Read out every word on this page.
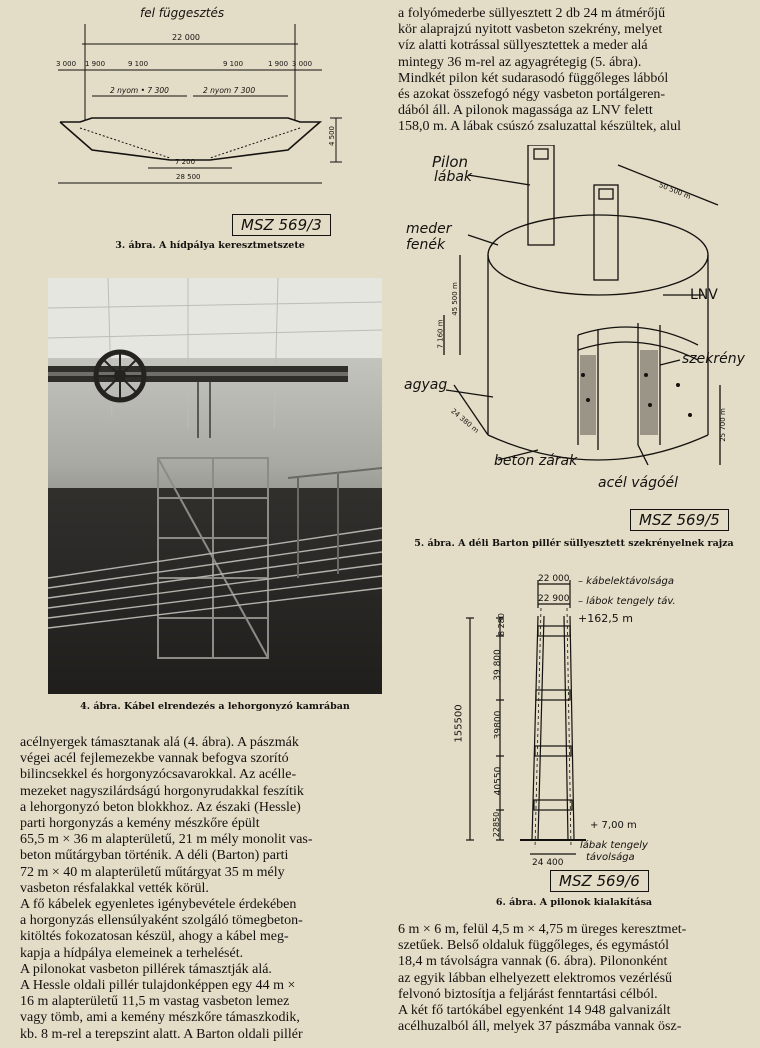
fel függesztés
22 000
3 000 1 900	9 100	9 100	1 900 3 000
2 nyom • 7 300	2 nyom 7 300
4 500
7 200
28 500
MSZ 569/3
3. ábra. A hídpálya keresztmetszete
4. ábra. Kábel elrendezés a lehorgonyzó kamrában
acélnyergek támasztanak alá (4. ábra). A pászmák
végei acél fejlemezekbe vannak befogva szorító
bilincsekkel és horgonyzócsavarokkal. Az acélle-
mezeket nagyszilárdságú horgonyrudakkal feszítik
a lehorgonyzó beton blokkhoz. Az északi (Hessle)
parti horgonyzás a kemény mészkőre épült
65,5 m × 36 m alapterületű, 21 m mély monolit vas-
beton műtárgyban történik. A déli (Barton) parti
72 m × 40 m alapterületű műtárgyat 35 m mély
vasbeton résfalakkal vették körül.
A fő kábelek egyenletes igénybevétele érdekében
a horgonyzás ellensúlyaként szolgáló tömegbeton-
kitöltés fokozatosan készül, ahogy a kábel meg-
kapja a hídpálya elemeinek a terhelését.
A pilonokat vasbeton pillérek támasztják alá.
A Hessle oldali pillér tulajdonképpen egy 44 m ×
16 m alapterületű 11,5 m vastag vasbeton lemez
vagy tömb, ami a kemény mészkőre támaszkodik,
kb. 8 m-rel a terepszint alatt. A Barton oldali pillér
a folyómederbe süllyesztett 2 db 24 m átmérőjű
kör alaprajzú nyitott vasbeton szekrény, melyet
víz alatti kotrással süllyesztettek a meder alá
mintegy 36 m-rel az agyagrétegig (5. ábra).
Mindkét pilon két sudarasodó függőleges lábból
és azokat összefogó négy vasbeton portálgeren-
dából áll. A pilonok magassága az LNV felett
158,0 m. A lábak csúszó zsaluzattal készültek, alul
Pilon
lábak
meder
fenék
LNV
szekrény
agyag
beton zárak
acél vágóél
50 500 m
45 500 m
7 160 m
24 380 m	25 700 m
MSZ 569/5
5. ábra. A déli Barton pillér süllyesztett szekrényelnek rajza
22 000
22 900
– kábelektávolsága
– lábok tengely táv.
+162,5 m
155500
8 280
39 800
39800
40550
22850	+ 7,00 m
24 400
lábak tengely
távolsága
MSZ 569/6
6. ábra. A pilonok kialakítása
6 m × 6 m, felül 4,5 m × 4,75 m üreges keresztmet-
szetűek. Belső oldaluk függőleges, és egymástól
18,4 m távolságra vannak (6. ábra). Pilononként
az egyik lábban elhelyezett elektromos vezérlésű
felvonó biztosítja a feljárást fenntartási célból.
A két fő tartókábel egyenként 14 948 galvanizált
acélhuzalból áll, melyek 37 pászmába vannak ösz-
